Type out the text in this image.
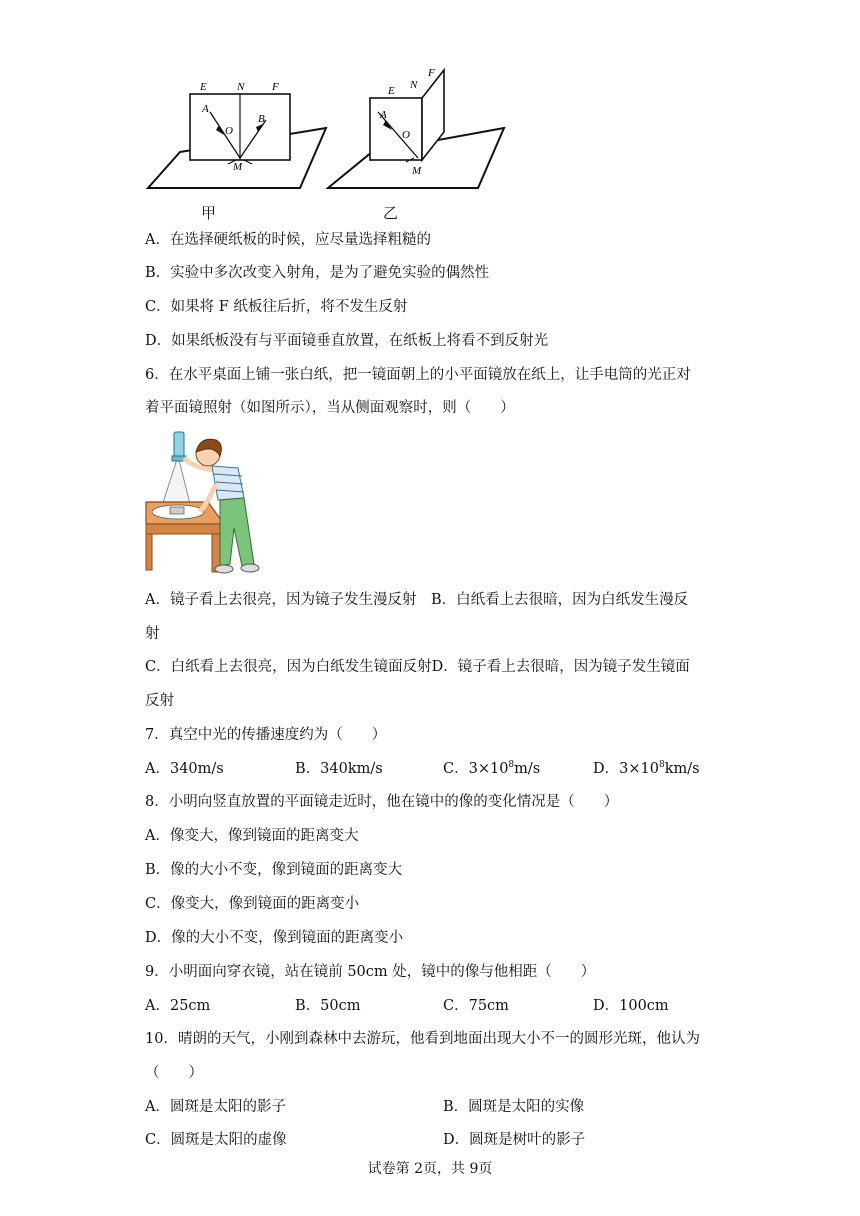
E	N	F
A
O
B
M
甲
E N
F
A
O
M
乙
A．在选择硬纸板的时候，应尽量选择粗糙的
B．实验中多次改变入射角，是为了避免实验的偶然性
C．如果将 F 纸板往后折，将不发生反射
D．如果纸板没有与平面镜垂直放置，在纸板上将看不到反射光
6．在水平桌面上铺一张白纸，把一镜面朝上的小平面镜放在纸上，让手电筒的光正对
着平面镜照射（如图所示），当从侧面观察时，则（　　）
A．镜子看上去很亮，因为镜子发生漫反射　B．白纸看上去很暗，因为白纸发生漫反
射
C．白纸看上去很亮，因为白纸发生镜面反射D．镜子看上去很暗，因为镜子发生镜面
反射
7．真空中光的传播速度约为（　　）
A．340m/s	B．340km/s	C．$3\times 10^8m/s$	D．$3\times 10^8km/s$
8．小明向竖直放置的平面镜走近时，他在镜中的像的变化情况是（　　）
A．像变大，像到镜面的距离变大
B．像的大小不变，像到镜面的距离变大
C．像变大，像到镜面的距离变小
D．像的大小不变，像到镜面的距离变小
9．小明面向穿衣镜，站在镜前 50cm 处，镜中的像与他相距（　　）
A．25cm	B．50cm	C．75cm	D．100cm
10．晴朗的天气，小刚到森林中去游玩，他看到地面出现大小不一的圆形光斑，他认为
（　　）
A．圆斑是太阳的影子	B．圆斑是太阳的实像
C．圆斑是太阳的虚像	D．圆斑是树叶的影子
试卷第 2页，共 9页
